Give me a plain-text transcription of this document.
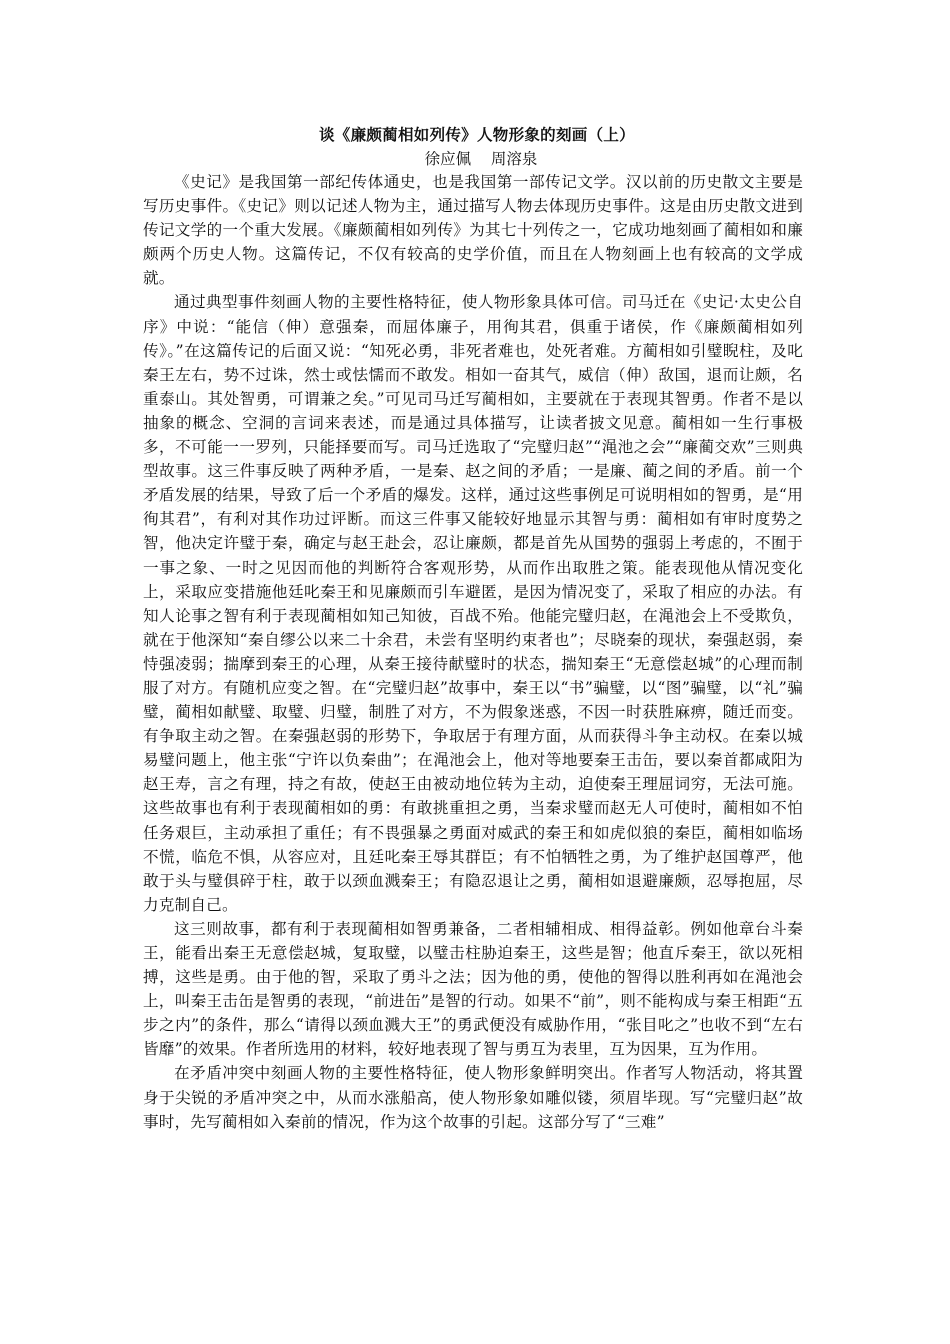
谈《廉颇蔺相如列传》人物形象的刻画（上）
徐应佩    周溶泉

《史记》是我国第一部纪传体通史，也是我国第一部传记文学。汉以前的历史散文主要是写历史事件。《史记》则以记述人物为主，通过描写人物去体现历史事件。这是由历史散文进到传记文学的一个重大发展。《廉颇蔺相如列传》为其七十列传之一，它成功地刻画了蔺相如和廉颇两个历史人物。这篇传记，不仅有较高的史学价值，而且在人物刻画上也有较高的文学成就。

通过典型事件刻画人物的主要性格特征，使人物形象具体可信。司马迁在《史记·太史公自序》中说：“能信（伸）意强秦，而屈体廉子，用徇其君，俱重于诸侯，作《廉颇蔺相如列传》。”在这篇传记的后面又说：“知死必勇，非死者难也，处死者难。方蔺相如引璧睨柱，及叱秦王左右，势不过诛，然士或怯懦而不敢发。相如一奋其气，威信（伸）敌国，退而让颇，名重泰山。其处智勇，可谓兼之矣。”可见司马迁写蔺相如，主要就在于表现其智勇。作者不是以抽象的概念、空洞的言词来表述，而是通过具体描写，让读者披文见意。蔺相如一生行事极多，不可能一一罗列，只能择要而写。司马迁选取了“完璧归赵”“渑池之会”“廉蔺交欢”三则典型故事。这三件事反映了两种矛盾，一是秦、赵之间的矛盾；一是廉、蔺之间的矛盾。前一个矛盾发展的结果，导致了后一个矛盾的爆发。这样，通过这些事例足可说明相如的智勇，是“用徇其君”，有利对其作功过评断。而这三件事又能较好地显示其智与勇：蔺相如有审时度势之智，他决定许璧于秦，确定与赵王赴会，忍让廉颇，都是首先从国势的强弱上考虑的，不囿于一事之象、一时之见因而他的判断符合客观形势，从而作出取胜之策。能表现他从情况变化上，采取应变措施他廷叱秦王和见廉颇而引车避匿，是因为情况变了，采取了相应的办法。有知人论事之智有利于表现蔺相如知己知彼，百战不殆。他能完璧归赵，在渑池会上不受欺负，就在于他深知“秦自缪公以来二十余君，未尝有坚明约束者也”；尽晓秦的现状，秦强赵弱，秦恃强凌弱；揣摩到秦王的心理，从秦王接待献璧时的状态，揣知秦王“无意偿赵城”的心理而制服了对方。有随机应变之智。在“完璧归赵”故事中，秦王以“书”骗璧，以“图”骗璧，以“礼”骗璧，蔺相如献璧、取璧、归璧，制胜了对方，不为假象迷惑，不因一时获胜麻痹，随迁而变。有争取主动之智。在秦强赵弱的形势下，争取居于有理方面，从而获得斗争主动权。在秦以城易璧问题上，他主张“宁许以负秦曲”；在渑池会上，他对等地要秦王击缶，要以秦首都咸阳为赵王寿，言之有理，持之有故，使赵王由被动地位转为主动，迫使秦王理屈词穷，无法可施。这些故事也有利于表现蔺相如的勇：有敢挑重担之勇，当秦求璧而赵无人可使时，蔺相如不怕任务艰巨，主动承担了重任；有不畏强暴之勇面对威武的秦王和如虎似狼的秦臣，蔺相如临场不慌，临危不惧，从容应对，且廷叱秦王辱其群臣；有不怕牺牲之勇，为了维护赵国尊严，他敢于头与璧俱碎于柱，敢于以颈血溅秦王；有隐忍退让之勇，蔺相如退避廉颇，忍辱抱屈，尽力克制自己。

这三则故事，都有利于表现蔺相如智勇兼备，二者相辅相成、相得益彰。例如他章台斗秦王，能看出秦王无意偿赵城，复取璧，以璧击柱胁迫秦王，这些是智；他直斥秦王，欲以死相搏，这些是勇。由于他的智，采取了勇斗之法；因为他的勇，使他的智得以胜利再如在渑池会上，叫秦王击缶是智勇的表现，“前进缶”是智的行动。如果不“前”，则不能构成与秦王相距“五步之内”的条件，那么“请得以颈血溅大王”的勇武便没有威胁作用，“张目叱之”也收不到“左右皆靡”的效果。作者所选用的材料，较好地表现了智与勇互为表里，互为因果，互为作用。

在矛盾冲突中刻画人物的主要性格特征，使人物形象鲜明突出。作者写人物活动，将其置身于尖锐的矛盾冲突之中，从而水涨船高，使人物形象如雕似镂，须眉毕现。写“完璧归赵”故事时，先写蔺相如入秦前的情况，作为这个故事的引起。这部分写了“三难”
